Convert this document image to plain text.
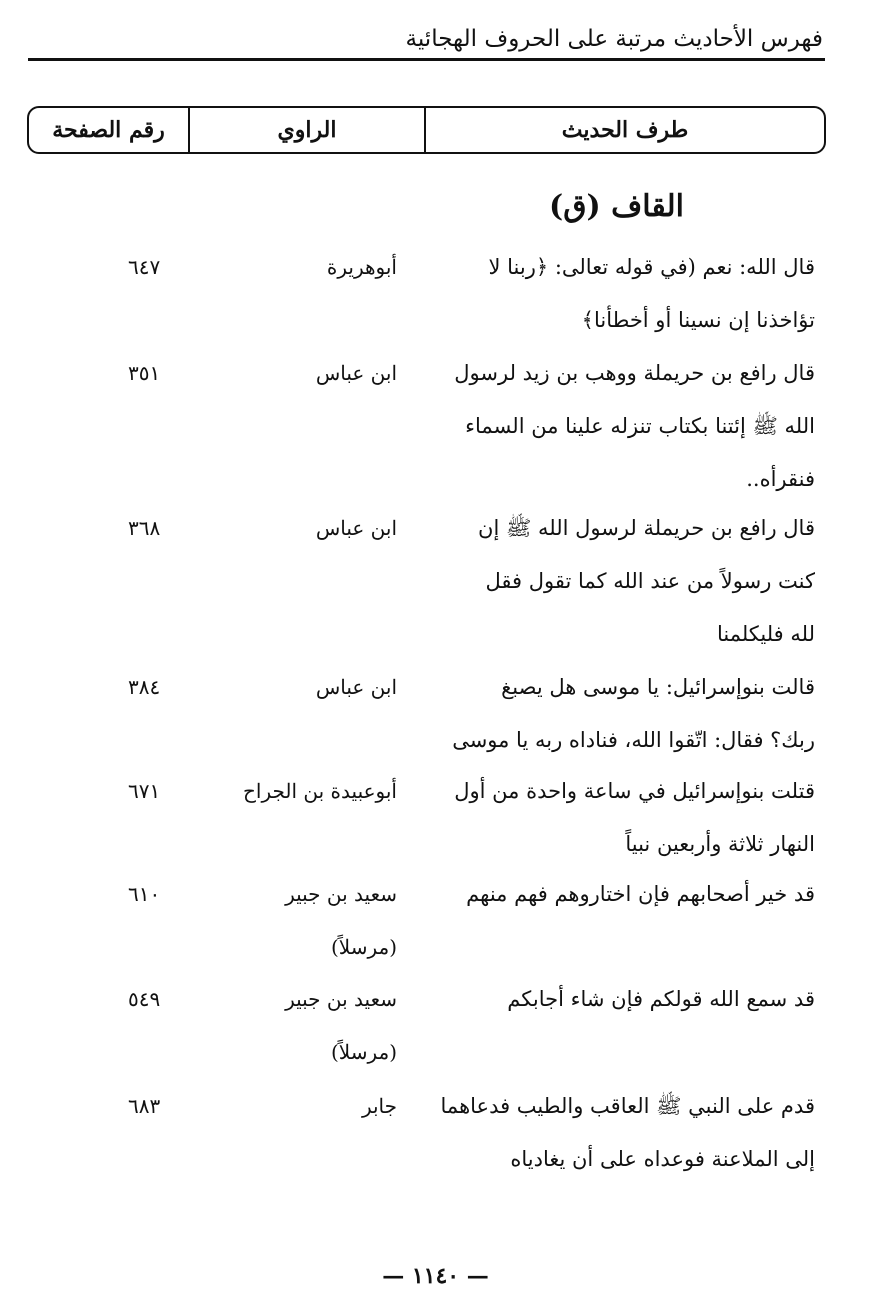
فهرس الأحاديث مرتبة على الحروف الهجائية
طرف الحديث
الراوي
رقم الصفحة
القاف (ق)
قال الله: نعم (في قوله تعالى: ﴿ربنا لا
تؤاخذنا إن نسينا أو أخطأنا﴾
أبوهريرة
٦٤٧
قال رافع بن حريملة ووهب بن زيد لرسول
الله ﷺ إئتنا بكتاب تنزله علينا من السماء
فنقرأه..
ابن عباس
٣٥١
قال رافع بن حريملة لرسول الله ﷺ إن
كنت رسولاً من عند الله كما تقول فقل
لله فليكلمنا
ابن عباس
٣٦٨
قالت بنوإسرائيل: يا موسى هل يصبغ
ربك؟ فقال: اتّقوا الله، فناداه ربه يا موسى
ابن عباس
٣٨٤
قتلت بنوإسرائيل في ساعة واحدة من أول
النهار ثلاثة وأربعين نبياً
أبوعبيدة بن الجراح
٦٧١
قد خير أصحابهم فإن اختاروهم فهم منهم
سعيد بن جبير
(مرسلاً)
٦١٠
قد سمع الله قولكم فإن شاء أجابكم
سعيد بن جبير
(مرسلاً)
٥٤٩
قدم على النبي ﷺ العاقب والطيب فدعاهما
إلى الملاعنة فوعداه على أن يغادياه
جابر
٦٨٣
— ١١٤٠ —
